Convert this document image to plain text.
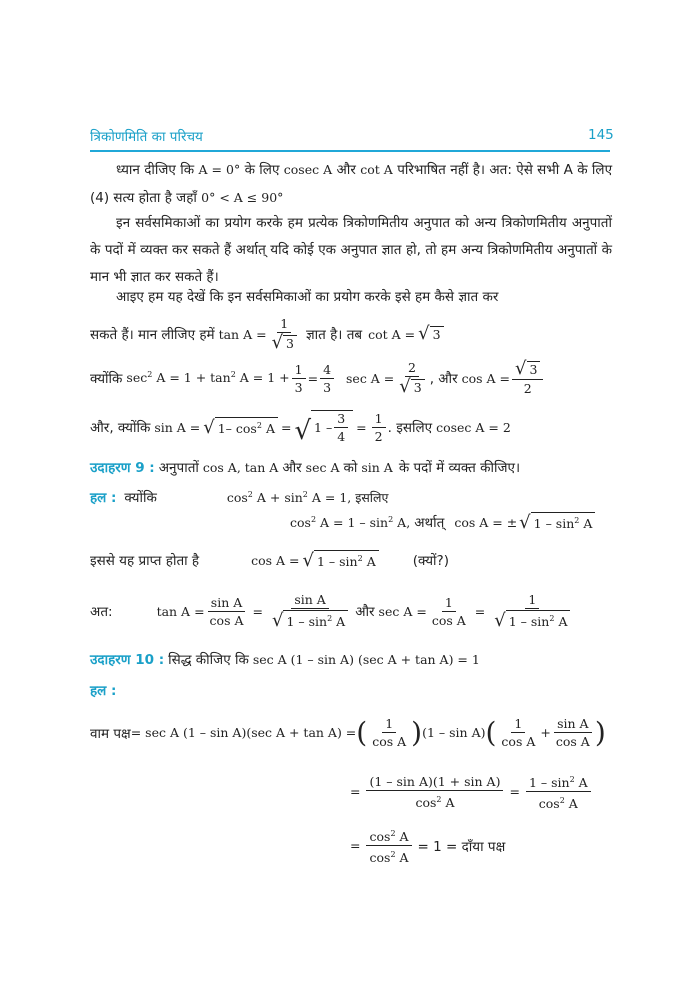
त्रिकोणमिति का परिचय	145
ध्यान दीजिए कि A = 0° के लिए cosec A और cot A परिभाषित नहीं है। अत: ऐसे सभी A के लिए (4) सत्य होता है जहाँ 0° < A ≤ 90°
इन सर्वसमिकाओं का प्रयोग करके हम प्रत्येक त्रिकोणमितीय अनुपात को अन्य त्रिकोणमितीय अनुपातों के पदों में व्यक्त कर सकते हैं अर्थात् यदि कोई एक अनुपात ज्ञात हो, तो हम अन्य त्रिकोणमितीय अनुपातों के मान भी ज्ञात कर सकते हैं।
आइए हम यह देखें कि इन सर्वसमिकाओं का प्रयोग करके इसे हम कैसे ज्ञात कर
सकते हैं। मान लीजिए हमें $\tan A = \frac{1}{√ 3}$ ज्ञात है। तब cot A = √ 3
क्योंकि $\sec^2 A = 1 + \tan^2 A = 1 + \frac{1}{3} = \frac{4}{3}$ $\sec A = \frac{2}{√ 3}$ , और $\cos A = \frac{√ 3}{2}$
और, क्योंकि sin A = √ 1– $\cos^2 A$ = √ $1 - \frac{3}{4} = \frac{1}{2}$ . इसलिए cosec A = 2
उदाहरण 9 : अनुपातों cos A, tan A और sec A को sin A के पदों में व्यक्त कीजिए।
हल : क्योंकि	$\cos^2 A + \sin^2 A = 1$, इसलिए
$\cos^2 A = 1 - \sin^2 A$, अर्थात् cos A = ± √ $1 - \sin^2 A$
इससे यह प्राप्त होता है	cos A = √ $1 - \sin^2 A$	(क्यों?)
अत:	$\tan A = \frac{\text{sin A}}{\text{cos A}} = \frac{\text{sin A}}{√ 1 - \sin^2 A}$ और $\sec A = \frac{1}{\text{cos A}} = \frac{1}{√ 1 - \sin^2 A}$
उदाहरण 10 : सिद्ध कीजिए कि sec A (1 – sin A) (sec A + tan A) = 1
हल :
वाम पक्ष = sec A (1 – sin A)(sec A + tan A) = ( $\frac{1}{\text{cos A}}$ ) (1 – sin A) ( $\frac{1}{\text{cos A}} + \frac{\text{sin A}}{\text{cos A}}$ )
= $\frac{\text{(1 – sin A)(1 + sin A)}}{\cos^2 A} = \frac{1 - \sin^2 A}{\cos^2 A}$
= $\frac{\cos^2 A}{\cos^2 A} = 1$ = दाँया पक्ष
